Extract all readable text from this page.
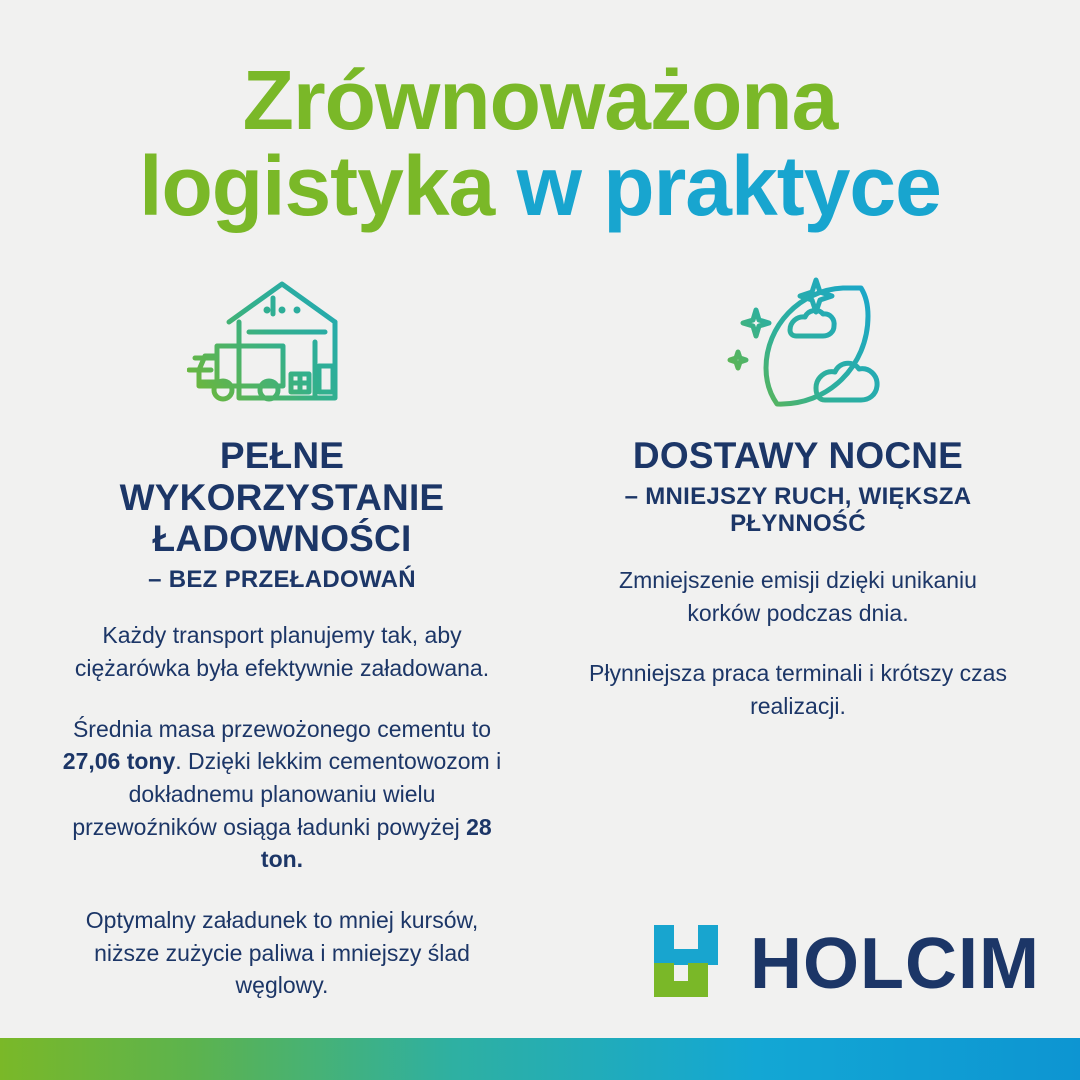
Zrównoważona
logistyka w praktyce
PEŁNE WYKORZYSTANIE ŁADOWNOŚCI
– BEZ PRZEŁADOWAŃ
Każdy transport planujemy tak, aby ciężarówka była efektywnie załadowana.
Średnia masa przewożonego cementu to 27,06 tony. Dzięki lekkim cementowozom i dokładnemu planowaniu wielu przewoźników osiąga ładunki powyżej 28 ton.
Optymalny załadunek to mniej kursów, niższe zużycie paliwa i mniejszy ślad węglowy.
DOSTAWY NOCNE
– MNIEJSZY RUCH, WIĘKSZA PŁYNNOŚĆ
Zmniejszenie emisji dzięki unikaniu korków podczas dnia.
Płynniejsza praca terminali i krótszy czas realizacji.
HOLCIM
